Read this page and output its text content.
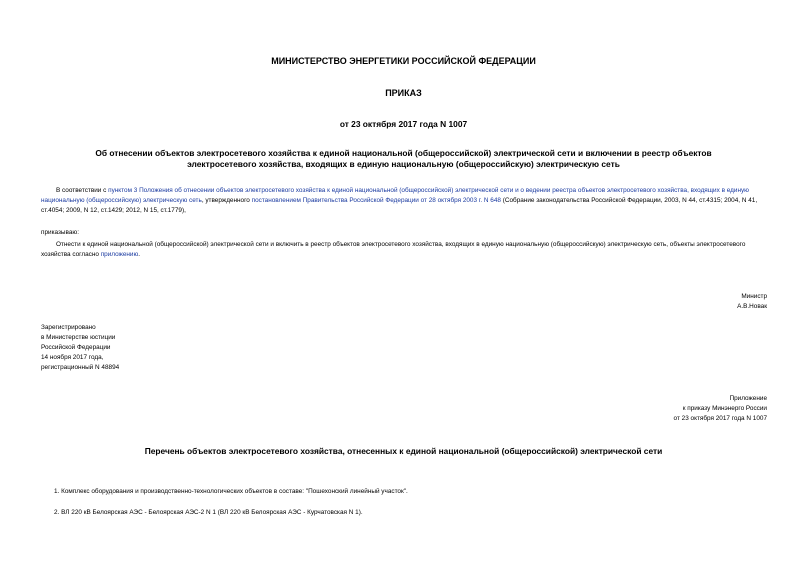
МИНИСТЕРСТВО ЭНЕРГЕТИКИ РОССИЙСКОЙ ФЕДЕРАЦИИ
ПРИКАЗ
от 23 октября 2017 года N 1007
Об отнесении объектов электросетевого хозяйства к единой национальной (общероссийской) электрической сети и включении в реестр объектов
электросетевого хозяйства, входящих в единую национальную (общероссийскую) электрическую сеть
В соответствии с пунктом 3 Положения об отнесении объектов электросетевого хозяйства к единой национальной (общероссийской) электрической сети и о ведении реестра объектов электросетевого хозяйства, входящих в единую национальную (общероссийскую) электрическую сеть, утвержденного постановлением Правительства Российской Федерации от 28 октября 2003 г. N 648 (Собрание законодательства Российской Федерации, 2003, N 44, ст.4315; 2004, N 41, ст.4054; 2009, N 12, ст.1429; 2012, N 15, ст.1779),
приказываю:
Отнести к единой национальной (общероссийской) электрической сети и включить в реестр объектов электросетевого хозяйства, входящих в единую национальную (общероссийскую) электрическую сеть, объекты электросетевого хозяйства согласно приложению.
Министр
А.В.Новак
Зарегистрировано
в Министерстве юстиции
Российской Федерации
14 ноября 2017 года,
регистрационный N 48894
Приложение
к приказу Минэнерго России
от 23 октября 2017 года N 1007
Перечень объектов электросетевого хозяйства, отнесенных к единой национальной (общероссийской) электрической сети
1. Комплекс оборудования и производственно-технологических объектов в составе: "Пошехонский линейный участок".
2. ВЛ 220 кВ Белоярская АЭС - Белоярская АЭС-2 N 1 (ВЛ 220 кВ Белоярская АЭС - Курчатовская N 1).
